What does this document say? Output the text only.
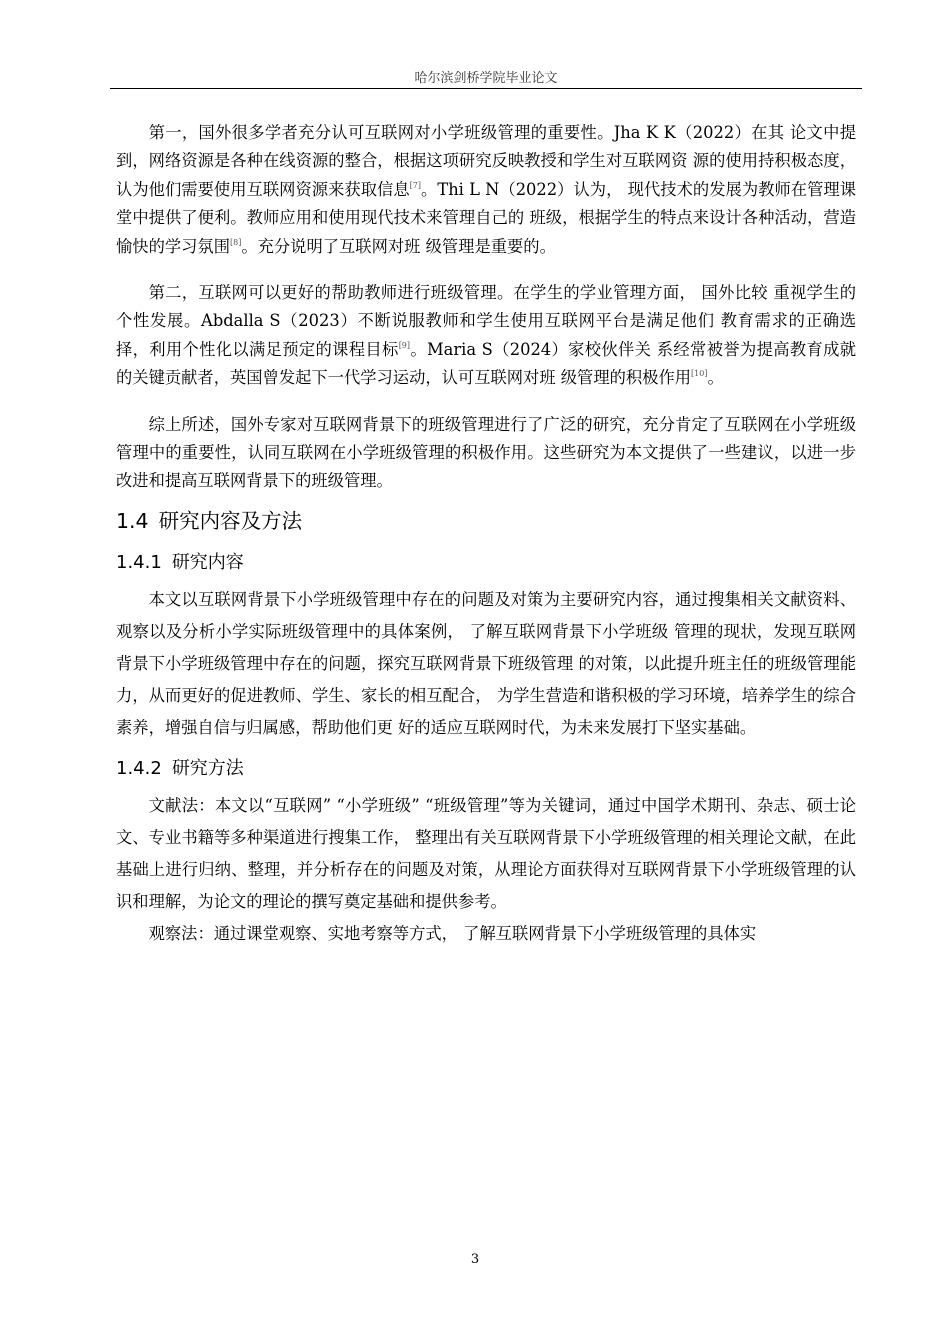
哈尔滨剑桥学院毕业论文

第一，国外很多学者充分认可互联网对小学班级管理的重要性。Jha K K（2022）在其 论文中提到，网络资源是各种在线资源的整合，根据这项研究反映教授和学生对互联网资 源的使用持积极态度，认为他们需要使用互联网资源来获取信息[7]。Thi L N（2022）认为， 现代技术的发展为教师在管理课堂中提供了便利。教师应用和使用现代技术来管理自己的 班级，根据学生的特点来设计各种活动，营造愉快的学习氛围[8]。充分说明了互联网对班 级管理是重要的。

第二，互联网可以更好的帮助教师进行班级管理。在学生的学业管理方面， 国外比较 重视学生的个性发展。Abdalla S（2023）不断说服教师和学生使用互联网平台是满足他们 教育需求的正确选择，利用个性化以满足预定的课程目标[9]。Maria S（2024）家校伙伴关 系经常被誉为提高教育成就的关键贡献者，英国曾发起下一代学习运动，认可互联网对班 级管理的积极作用[10]。

综上所述，国外专家对互联网背景下的班级管理进行了广泛的研究，充分肯定了互联网在小学班级管理中的重要性，认同互联网在小学班级管理的积极作用。这些研究为本文提供了一些建议，以进一步改进和提高互联网背景下的班级管理。

1.4 研究内容及方法
1.4.1 研究内容

本文以互联网背景下小学班级管理中存在的问题及对策为主要研究内容，通过搜集相关文献资料、观察以及分析小学实际班级管理中的具体案例， 了解互联网背景下小学班级 管理的现状，发现互联网背景下小学班级管理中存在的问题，探究互联网背景下班级管理 的对策，以此提升班主任的班级管理能力，从而更好的促进教师、学生、家长的相互配合， 为学生营造和谐积极的学习环境，培养学生的综合素养，增强自信与归属感，帮助他们更 好的适应互联网时代，为未来发展打下坚实基础。

1.4.2 研究方法

文献法：本文以“互联网” “小学班级” “班级管理”等为关键词，通过中国学术期刊、杂志、硕士论文、专业书籍等多种渠道进行搜集工作， 整理出有关互联网背景下小学班级管理的相关理论文献，在此基础上进行归纳、整理，并分析存在的问题及对策，从理论方面获得对互联网背景下小学班级管理的认识和理解，为论文的理论的撰写奠定基础和提供参考。

观察法：通过课堂观察、实地考察等方式， 了解互联网背景下小学班级管理的具体实

3
